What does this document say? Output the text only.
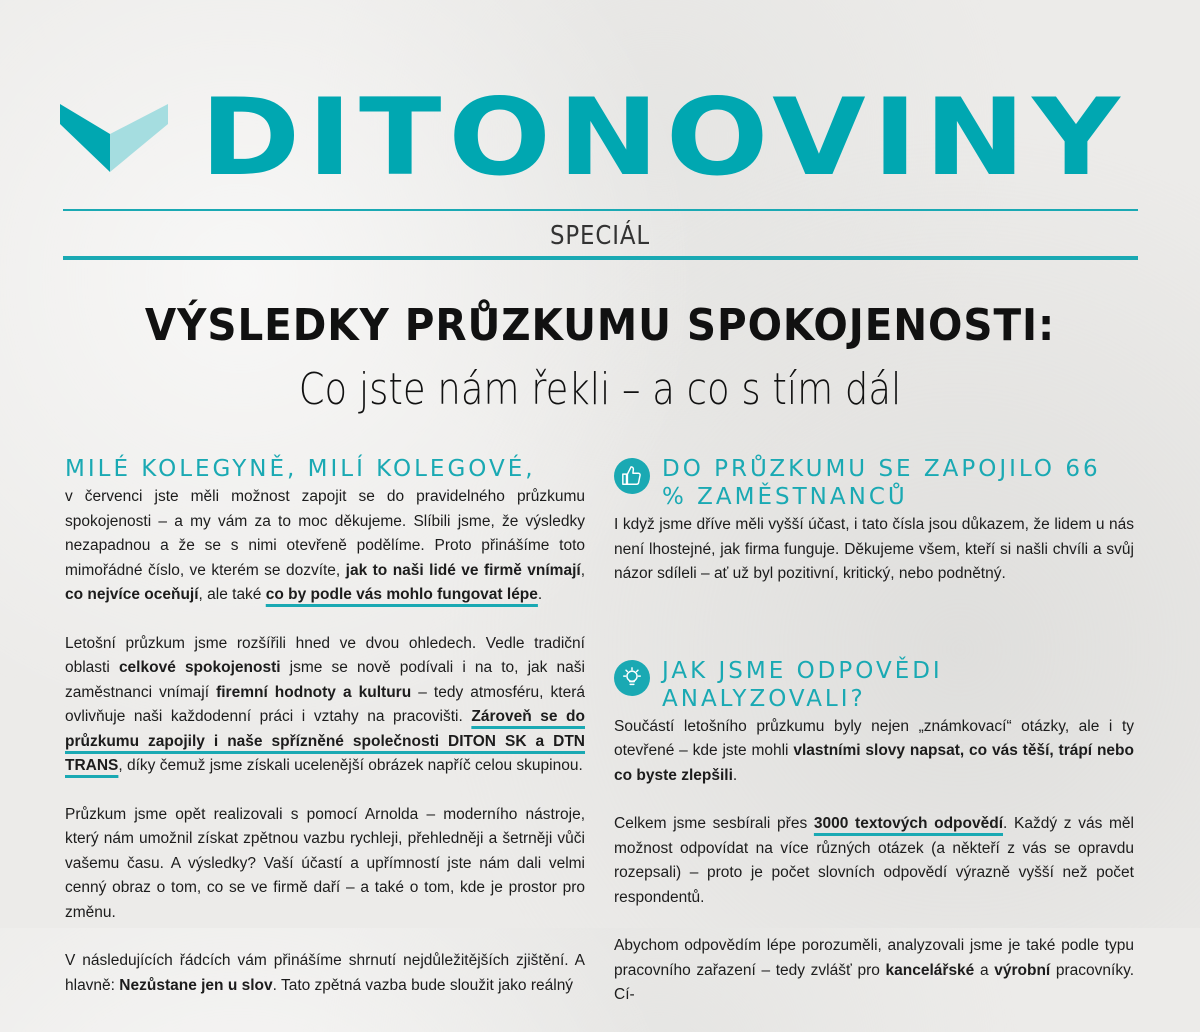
DITONOVINY
SPECIÁL
VÝSLEDKY PRŮZKUMU SPOKOJENOSTI:
Co jste nám řekli – a co s tím dál
MILÉ KOLEGYNĚ, MILÍ KOLEGOVÉ,

v červenci jste měli možnost zapojit se do pravidelného průzkumu spokojenosti – a my vám za to moc děkujeme. Slíbili jsme, že výsledky nezapadnou a že se s nimi otevřeně podělíme. Proto přinášíme toto mimořádné číslo, ve kterém se dozvíte, jak to naši lidé ve firmě vnímají, co nejvíce oceňují, ale také co by podle vás mohlo fungovat lépe.

Letošní průzkum jsme rozšířili hned ve dvou ohledech. Vedle tradiční oblasti celkové spokojenosti jsme se nově podívali i na to, jak naši zaměstnanci vnímají firemní hodnoty a kulturu – tedy atmosféru, která ovlivňuje naši každodenní práci i vztahy na pracovišti. Zároveň se do průzkumu zapojily i naše spřízněné společnosti DITON SK a DTN TRANS, díky čemuž jsme získali ucelenější obrázek napříč celou skupinou.

Průzkum jsme opět realizovali s pomocí Arnolda – moderního nástroje, který nám umožnil získat zpětnou vazbu rychleji, přehledněji a šetrněji vůči vašemu času. A výsledky? Vaší účastí a upřímností jste nám dali velmi cenný obraz o tom, co se ve firmě daří – a také o tom, kde je prostor pro změnu.

V následujících řádcích vám přinášíme shrnutí nejdůležitějších zjištění. A hlavně: Nezůstane jen u slov. Tato zpětná vazba bude sloužit jako reálný

DO PRŮZKUMU SE ZAPOJILO 66 % ZAMĚSTNANCŮ

I když jsme dříve měli vyšší účast, i tato čísla jsou důkazem, že lidem u nás není lhostejné, jak firma funguje. Děkujeme všem, kteří si našli chvíli a svůj názor sdíleli – ať už byl pozitivní, kritický, nebo podnětný.

JAK JSME ODPOVĚDI ANALYZOVALI?

Součástí letošního průzkumu byly nejen „známkovací“ otázky, ale i ty otevřené – kde jste mohli vlastními slovy napsat, co vás těší, trápí nebo co byste zlepšili.

Celkem jsme sesbírali přes 3000 textových odpovědí. Každý z vás měl možnost odpovídat na více různých otázek (a někteří z vás se opravdu rozepsali) – proto je počet slovních odpovědí výrazně vyšší než počet respondentů.

Abychom odpovědím lépe porozuměli, analyzovali jsme je také podle typu pracovního zařazení – tedy zvlášť pro kancelářské a výrobní pracovníky. Cí-
